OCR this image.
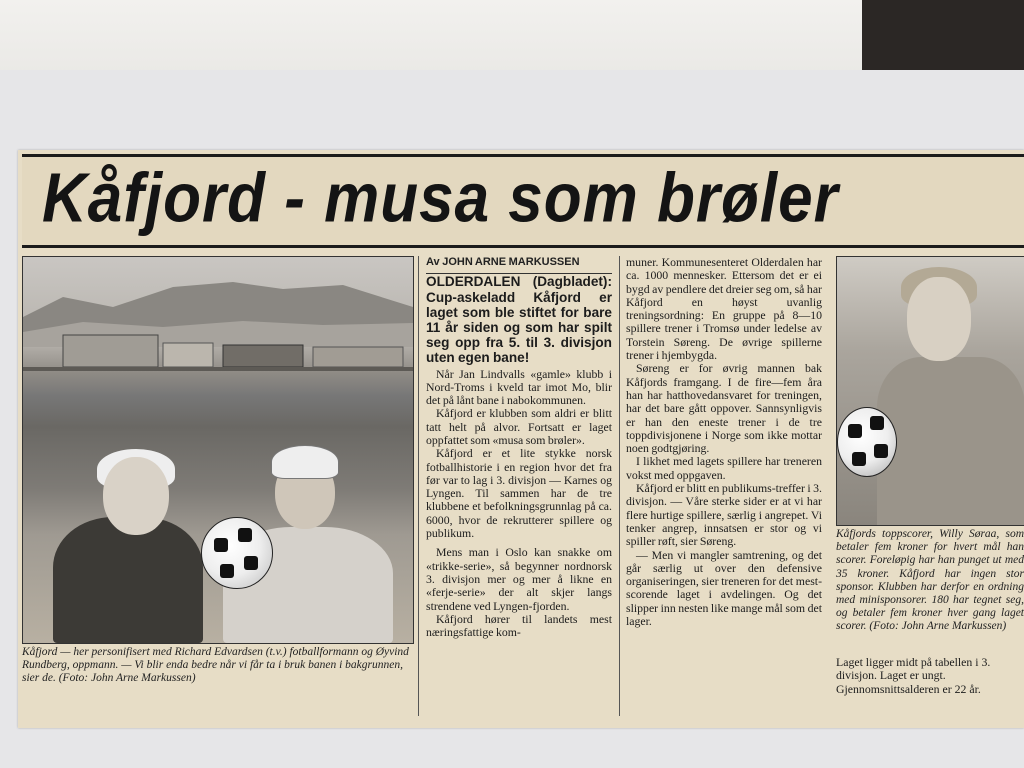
Kåfjord - musa som brøler
Kåfjord — her personifisert med Richard Edvardsen (t.v.) fotballformann og Øyvind Rundberg, oppmann. — Vi blir enda bedre når vi får ta i bruk banen i bakgrunnen, sier de. (Foto: John Arne Markussen)

Av JOHN ARNE MARKUSSEN

OLDERDALEN (Dagbladet): Cup-askeladd Kåfjord er laget som ble stiftet for bare 11 år siden og som har spilt seg opp fra 5. til 3. divisjon uten egen bane!

Når Jan Lindvalls «gamle» klubb i Nord-Troms i kveld tar imot Mo, blir det på lånt bane i nabokommunen.

Kåfjord er klubben som aldri er blitt tatt helt på alvor. Fortsatt er laget oppfattet som «musa som brøler».

Kåfjord er et lite stykke norsk fotballhistorie i en region hvor det fra før var to lag i 3. divisjon — Karnes og Lyngen. Til sammen har de tre klubbene et befolkningsgrunnlag på ca. 6000, hvor de rekrutterer spillere og publikum.

Mens man i Oslo kan snakke om «trikke-serie», så begynner nordnorsk 3. divisjon mer og mer å likne en «ferje-serie» der alt skjer langs strendene ved Lyngen-fjorden.

Kåfjord hører til landets mest næringsfattige kom-

muner. Kommunesenteret Olderdalen har ca. 1000 mennesker. Ettersom det er ei bygd av pendlere det dreier seg om, så har Kåfjord en høyst uvanlig treningsordning: En gruppe på 8—10 spillere trener i Tromsø under ledelse av Torstein Søreng. De øvrige spillerne trener i hjembygda.

Søreng er for øvrig mannen bak Kåfjords framgang. I de fire—fem åra han har hatthovedansvaret for treningen, har det bare gått oppover. Sannsynligvis er han den eneste trener i de tre toppdivisjonene i Norge som ikke mottar noen godtgjøring.

I likhet med lagets spillere har treneren vokst med oppgaven.

Kåfjord er blitt en publikums-treffer i 3. divisjon. — Våre sterke sider er at vi har flere hurtige spillere, særlig i angrepet. Vi tenker angrep, innsatsen er stor og vi spiller røft, sier Søreng.

— Men vi mangler samtrening, og det går særlig ut over den defensive organiseringen, sier treneren for det mest-scorende laget i avdelingen. Og det slipper inn nesten like mange mål som det lager.

Kåfjords toppscorer, Willy Søraa, som betaler fem kroner for hvert mål han scorer. Foreløpig har han punget ut med 35 kroner. Kåfjord har ingen stor sponsor. Klubben har derfor en ordning med minisponsorer. 180 har tegnet seg, og betaler fem kroner hver gang laget scorer. (Foto: John Arne Markussen)
Laget ligger midt på tabellen i 3. divisjon. Laget er ungt. Gjennomsnittsalderen er 22 år.
